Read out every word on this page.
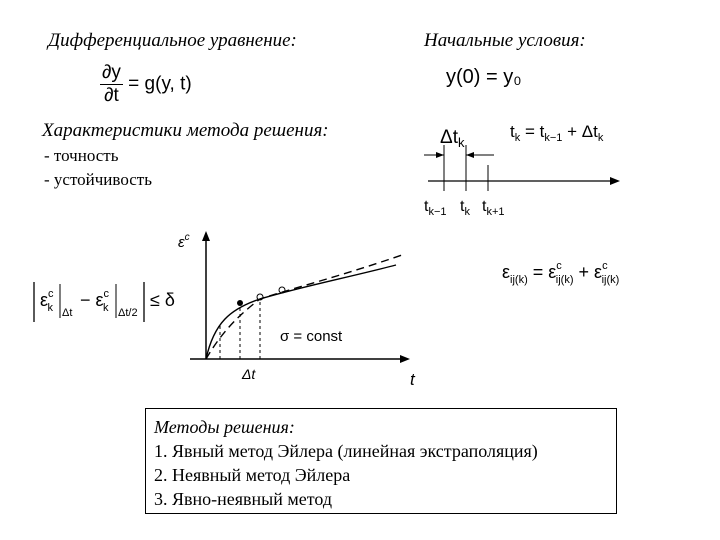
Дифференциальное уравнение:	Начальные условия:
Характеристики метода решения:
- точность
- устойчивость
$\frac{\partial y}{\partial t} = g(y$, t)	y(0) = y₀
$\Delta t_k$
$t_k = t_{k-1} + \Delta t_k$
$t_{k-1}$ $t_k$ $t_{k+1}$
$\varepsilon_{ij(k)} = \varepsilon^c$ $ij(k) + \varepsilon^c$ ij(k)
$\varepsilon^c$ k Δt
− $\varepsilon^c$ k Δt/2
≤ δ
$\varepsilon^c$
t
Δt
σ = const
Методы решения:
1. Явный метод Эйлера (линейная экстраполяция)
2. Неявный метод Эйлера
3. Явно-неявный метод
